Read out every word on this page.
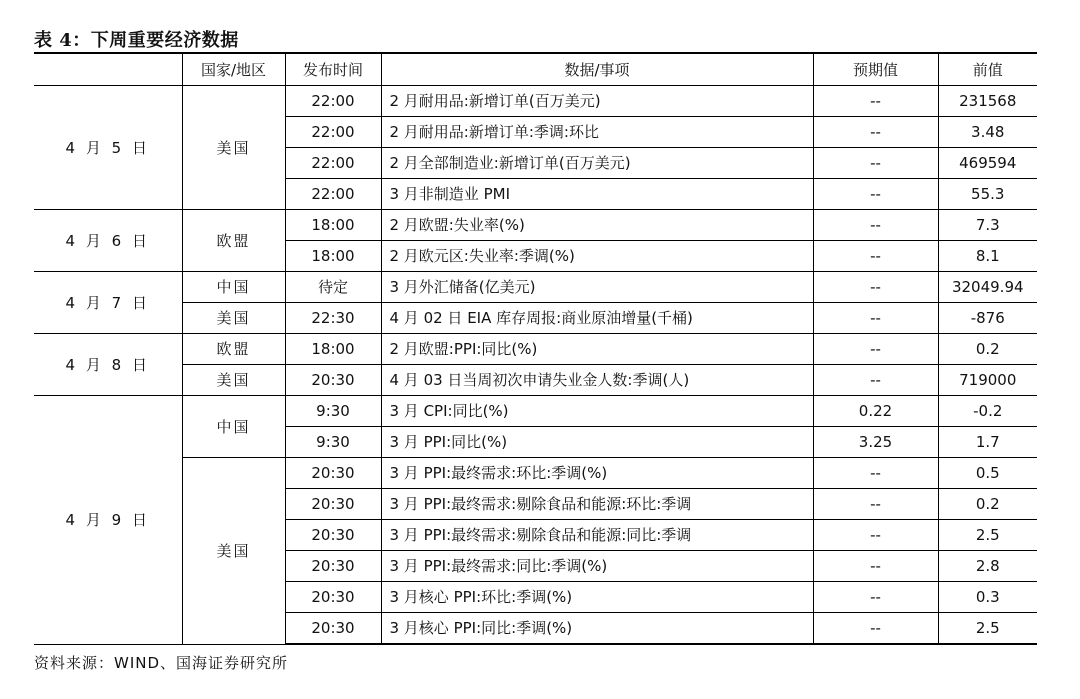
表 4：下周重要经济数据
	国家/地区	发布时间	数据/事项	预期值	前值
4 月 5 日	美国	22:00	2 月耐用品:新增订单(百万美元)	--	231568
		22:00	2 月耐用品:新增订单:季调:环比	--	3.48
		22:00	2 月全部制造业:新增订单(百万美元)	--	469594
		22:00	3 月非制造业 PMI	--	55.3
4 月 6 日	欧盟	18:00	2 月欧盟:失业率(%)	--	7.3
		18:00	2 月欧元区:失业率:季调(%)	--	8.1
4 月 7 日	中国	待定	3 月外汇储备(亿美元)	--	32049.94
	美国	22:30	4 月 02 日 EIA 库存周报:商业原油增量(千桶)	--	-876
4 月 8 日	欧盟	18:00	2 月欧盟:PPI:同比(%)	--	0.2
	美国	20:30	4 月 03 日当周初次申请失业金人数:季调(人)	--	719000
4 月 9 日	中国	9:30	3 月 CPI:同比(%)	0.22	-0.2
		9:30	3 月 PPI:同比(%)	3.25	1.7
	美国	20:30	3 月 PPI:最终需求:环比:季调(%)	--	0.5
		20:30	3 月 PPI:最终需求:剔除食品和能源:环比:季调	--	0.2
		20:30	3 月 PPI:最终需求:剔除食品和能源:同比:季调	--	2.5
		20:30	3 月 PPI:最终需求:同比:季调(%)	--	2.8
		20:30	3 月核心 PPI:环比:季调(%)	--	0.3
		20:30	3 月核心 PPI:同比:季调(%)	--	2.5
资料来源：WIND、国海证券研究所
